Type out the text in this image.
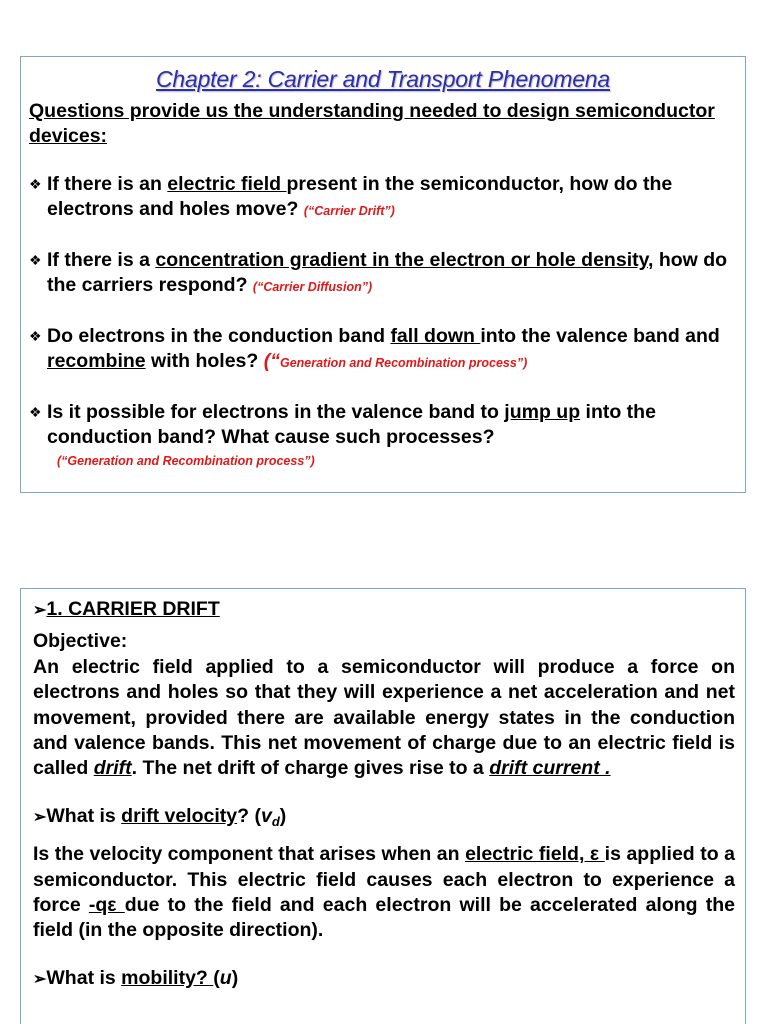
Chapter 2: Carrier and Transport Phenomena
Questions provide us the understanding needed to design semiconductor devices:
❖ If there is an electric field present in the semiconductor, how do the electrons and holes move? (“Carrier Drift”)
❖ If there is a concentration gradient in the electron or hole density, how do the carriers respond? (“Carrier Diffusion”)
❖ Do electrons in the conduction band fall down into the valence band and recombine with holes? (“Generation and Recombination process”)
❖ Is it possible for electrons in the valence band to jump up into the conduction band? What cause such processes?
(“Generation and Recombination process”)
➢1. CARRIER DRIFT
Objective:
An electric field applied to a semiconductor will produce a force on electrons and holes so that they will experience a net acceleration and net movement, provided there are available energy states in the conduction and valence bands. This net movement of charge due to an electric field is called drift. The net drift of charge gives rise to a drift current .
➢What is drift velocity? $(v_d)$
Is the velocity component that arises when an electric field, ε is applied to a semiconductor. This electric field causes each electron to experience a force -qε due to the field and each electron will be accelerated along the field (in the opposite direction).
➢What is mobility? (u)
